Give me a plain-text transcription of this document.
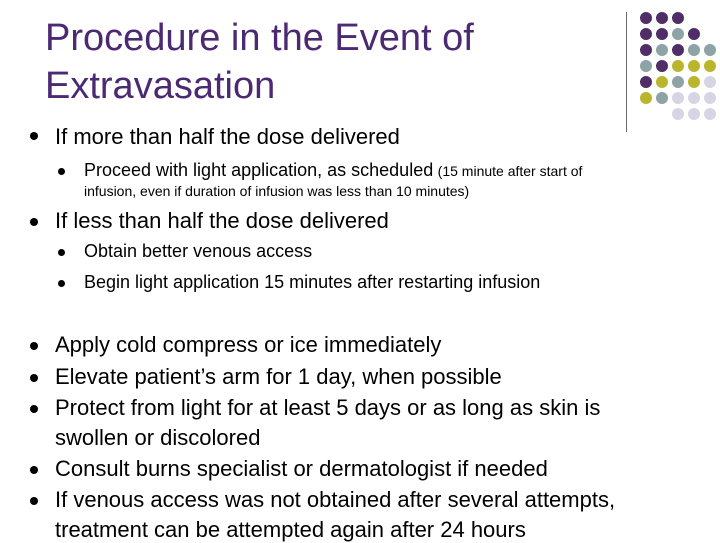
Procedure in the Event of
Extravasation
If more than half the dose delivered
Proceed with light application, as scheduled (15 minute after start of
infusion, even if duration of infusion was less than 10 minutes)
If less than half the dose delivered
Obtain better venous access
Begin light application 15 minutes after restarting infusion
Apply cold compress or ice immediately
Elevate patient’s arm for 1 day, when possible
Protect from light for at least 5 days or as long as skin is
swollen or discolored
Consult burns specialist or dermatologist if needed
If venous access was not obtained after several attempts,
treatment can be attempted again after 24 hours
